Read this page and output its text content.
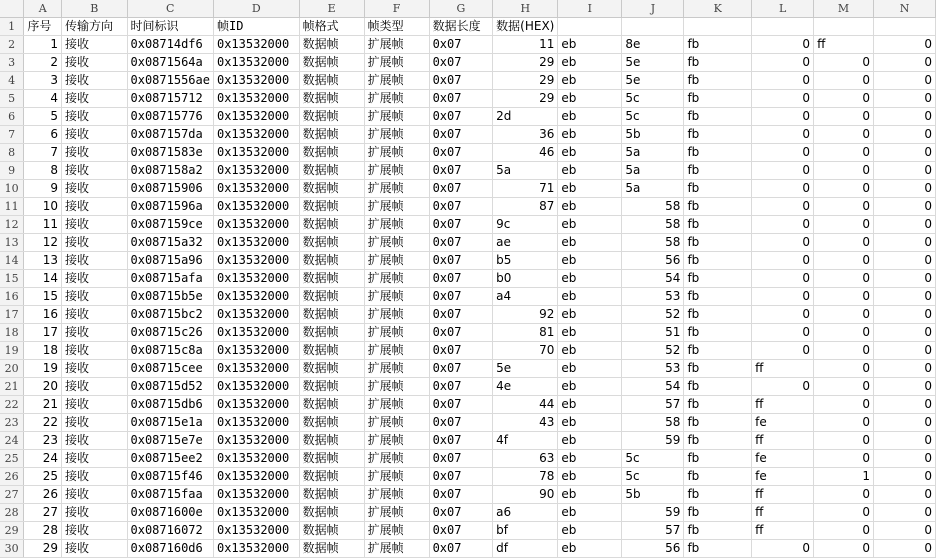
	A	B	C	D	E	F	G	H	I	J	K	L	M	N
1	序号	传输方向	时间标识	帧ID	帧格式	帧类型	数据长度	数据(HEX)						
2	1	接收	0x08714df6	0x13532000	数据帧	扩展帧	0x07	11	eb	8e	fb	0	ff	0
3	2	接收	0x0871564a	0x13532000	数据帧	扩展帧	0x07	29	eb	5e	fb	0	0	0
4	3	接收	0x0871556ae	0x13532000	数据帧	扩展帧	0x07	29	eb	5e	fb	0	0	0
5	4	接收	0x08715712	0x13532000	数据帧	扩展帧	0x07	29	eb	5c	fb	0	0	0
6	5	接收	0x08715776	0x13532000	数据帧	扩展帧	0x07	2d	eb	5c	fb	0	0	0
7	6	接收	0x087157da	0x13532000	数据帧	扩展帧	0x07	36	eb	5b	fb	0	0	0
8	7	接收	0x0871583e	0x13532000	数据帧	扩展帧	0x07	46	eb	5a	fb	0	0	0
9	8	接收	0x087158a2	0x13532000	数据帧	扩展帧	0x07	5a	eb	5a	fb	0	0	0
10	9	接收	0x08715906	0x13532000	数据帧	扩展帧	0x07	71	eb	5a	fb	0	0	0
11	10	接收	0x0871596a	0x13532000	数据帧	扩展帧	0x07	87	eb	58	fb	0	0	0
12	11	接收	0x087159ce	0x13532000	数据帧	扩展帧	0x07	9c	eb	58	fb	0	0	0
13	12	接收	0x08715a32	0x13532000	数据帧	扩展帧	0x07	ae	eb	58	fb	0	0	0
14	13	接收	0x08715a96	0x13532000	数据帧	扩展帧	0x07	b5	eb	56	fb	0	0	0
15	14	接收	0x08715afa	0x13532000	数据帧	扩展帧	0x07	b0	eb	54	fb	0	0	0
16	15	接收	0x08715b5e	0x13532000	数据帧	扩展帧	0x07	a4	eb	53	fb	0	0	0
17	16	接收	0x08715bc2	0x13532000	数据帧	扩展帧	0x07	92	eb	52	fb	0	0	0
18	17	接收	0x08715c26	0x13532000	数据帧	扩展帧	0x07	81	eb	51	fb	0	0	0
19	18	接收	0x08715c8a	0x13532000	数据帧	扩展帧	0x07	70	eb	52	fb	0	0	0
20	19	接收	0x08715cee	0x13532000	数据帧	扩展帧	0x07	5e	eb	53	fb	ff	0	0
21	20	接收	0x08715d52	0x13532000	数据帧	扩展帧	0x07	4e	eb	54	fb	0	0	0
22	21	接收	0x08715db6	0x13532000	数据帧	扩展帧	0x07	44	eb	57	fb	ff	0	0
23	22	接收	0x08715e1a	0x13532000	数据帧	扩展帧	0x07	43	eb	58	fb	fe	0	0
24	23	接收	0x08715e7e	0x13532000	数据帧	扩展帧	0x07	4f	eb	59	fb	ff	0	0
25	24	接收	0x08715ee2	0x13532000	数据帧	扩展帧	0x07	63	eb	5c	fb	fe	0	0
26	25	接收	0x08715f46	0x13532000	数据帧	扩展帧	0x07	78	eb	5c	fb	fe	1	0
27	26	接收	0x08715faa	0x13532000	数据帧	扩展帧	0x07	90	eb	5b	fb	ff	0	0
28	27	接收	0x0871600e	0x13532000	数据帧	扩展帧	0x07	a6	eb	59	fb	ff	0	0
29	28	接收	0x08716072	0x13532000	数据帧	扩展帧	0x07	bf	eb	57	fb	ff	0	0
30	29	接收	0x087160d6	0x13532000	数据帧	扩展帧	0x07	df	eb	56	fb	0	0	0
